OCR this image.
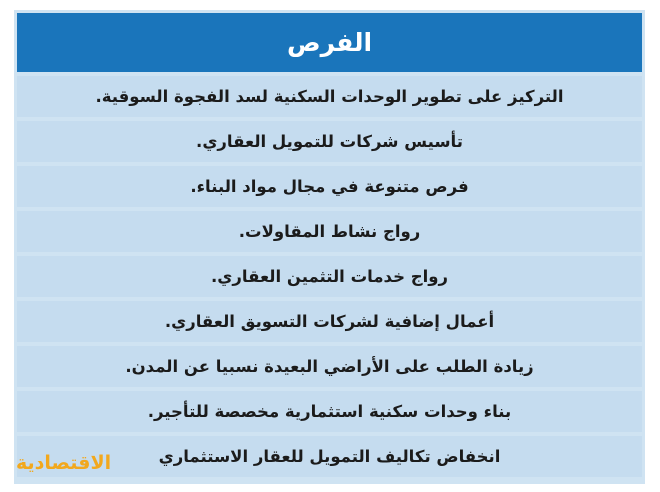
الفرص
التركيز على تطوير الوحدات السكنية لسد الفجوة السوقية.
تأسيس شركات للتمويل العقاري.
فرص متنوعة في مجال مواد البناء.
رواج نشاط المقاولات.
رواج خدمات التثمين العقاري.
أعمال إضافية لشركات التسويق العقاري.
زيادة الطلب على الأراضي البعيدة نسبيا عن المدن.
بناء وحدات سكنية استثمارية مخصصة للتأجير.
انخفاض تكاليف التمويل للعقار الاستثماري
الاقتصادية
